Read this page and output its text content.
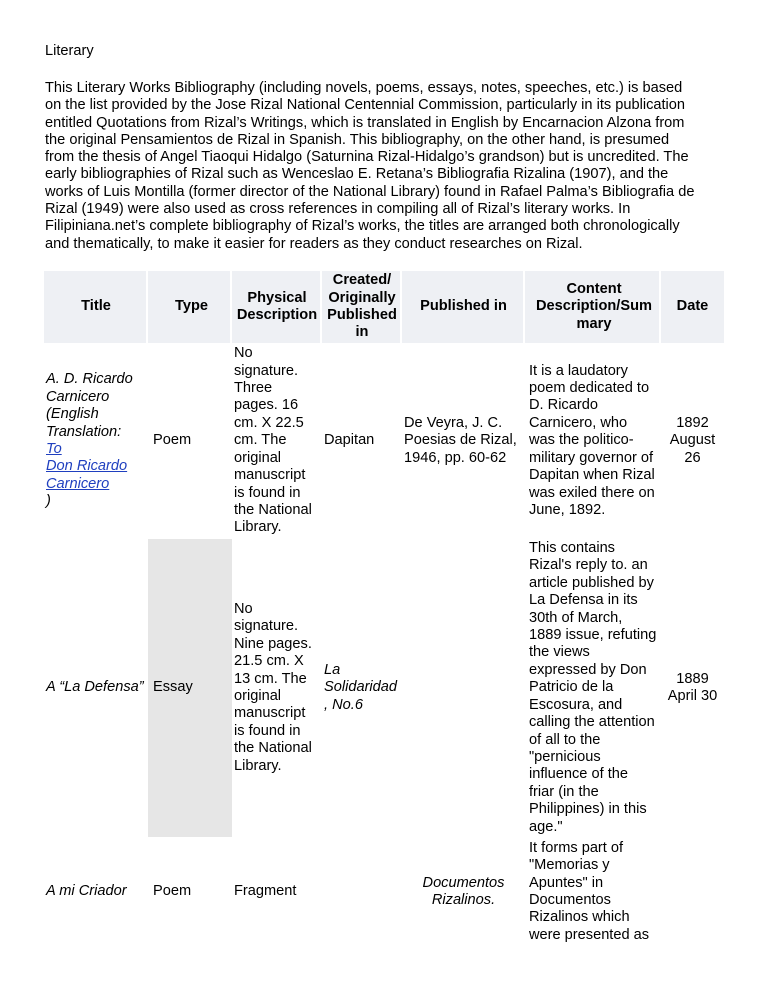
Literary
This Literary Works Bibliography (including novels, poems, essays, notes, speeches, etc.) is based
on the list provided by the Jose Rizal National Centennial Commission, particularly in its publication
entitled Quotations from Rizal’s Writings, which is translated in English by Encarnacion Alzona from
the original Pensamientos de Rizal in Spanish. This bibliography, on the other hand, is presumed
from the thesis of Angel Tiaoqui Hidalgo (Saturnina Rizal-Hidalgo’s grandson) but is uncredited. The
early bibliographies of Rizal such as Wenceslao E. Retana’s Bibliografia Rizalina (1907), and the
works of Luis Montilla (former director of the National Library) found in Rafael Palma’s Bibliografia de
Rizal (1949) were also used as cross references in compiling all of Rizal’s literary works. In
Filipiniana.net’s complete bibliography of Rizal’s works, the titles are arranged both chronologically
and thematically, to make it easier for readers as they conduct researches on Rizal.
Title	Type
Physical
Description
Created/
Originally
Published
in
Published in
Content
Description/Sum
mary
Date
A. D. Ricardo
Carnicero
(English
Translation:
To
Don Ricardo
Carnicero
)
Poem
No
signature.
Three
pages. 16
cm. X 22.5
cm. The
original
manuscript
is found in
the National
Library.
Dapitan
De Veyra, J. C.
Poesias de Rizal,
1946, pp. 60-62
It is a laudatory
poem dedicated to
D. Ricardo
Carnicero, who
was the politico-
military governor of
Dapitan when Rizal
was exiled there on
June, 1892.
1892
August
26
A “La Defensa” Essay
No
signature.
Nine pages.
21.5 cm. X
13 cm. The
original
manuscript
is found in
the National
Library.
La
Solidaridad
, No.6
This contains
Rizal's reply to. an
article published by
La Defensa in its
30th of March,
1889 issue, refuting
the views
expressed by Don
Patricio de la
Escosura, and
calling the attention
of all to the
"pernicious
influence of the
friar (in the
Philippines) in this
age."
1889
April 30
A mi Criador Poem	Fragment
Documentos
Rizalinos.
It forms part of
"Memorias y
Apuntes" in
Documentos
Rizalinos which
were presented as
